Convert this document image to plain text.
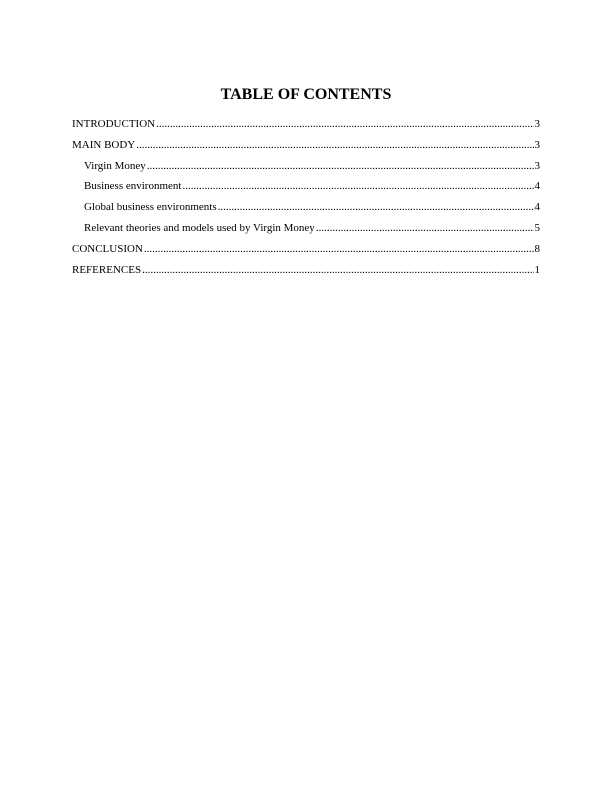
TABLE OF CONTENTS
INTRODUCTION .....	3
MAIN BODY .....	3
Virgin Money .....	3
Business environment .....	4
Global business environments .....	4
Relevant theories and models used by Virgin Money .....	5
CONCLUSION .....	8
REFERENCES .....	1
